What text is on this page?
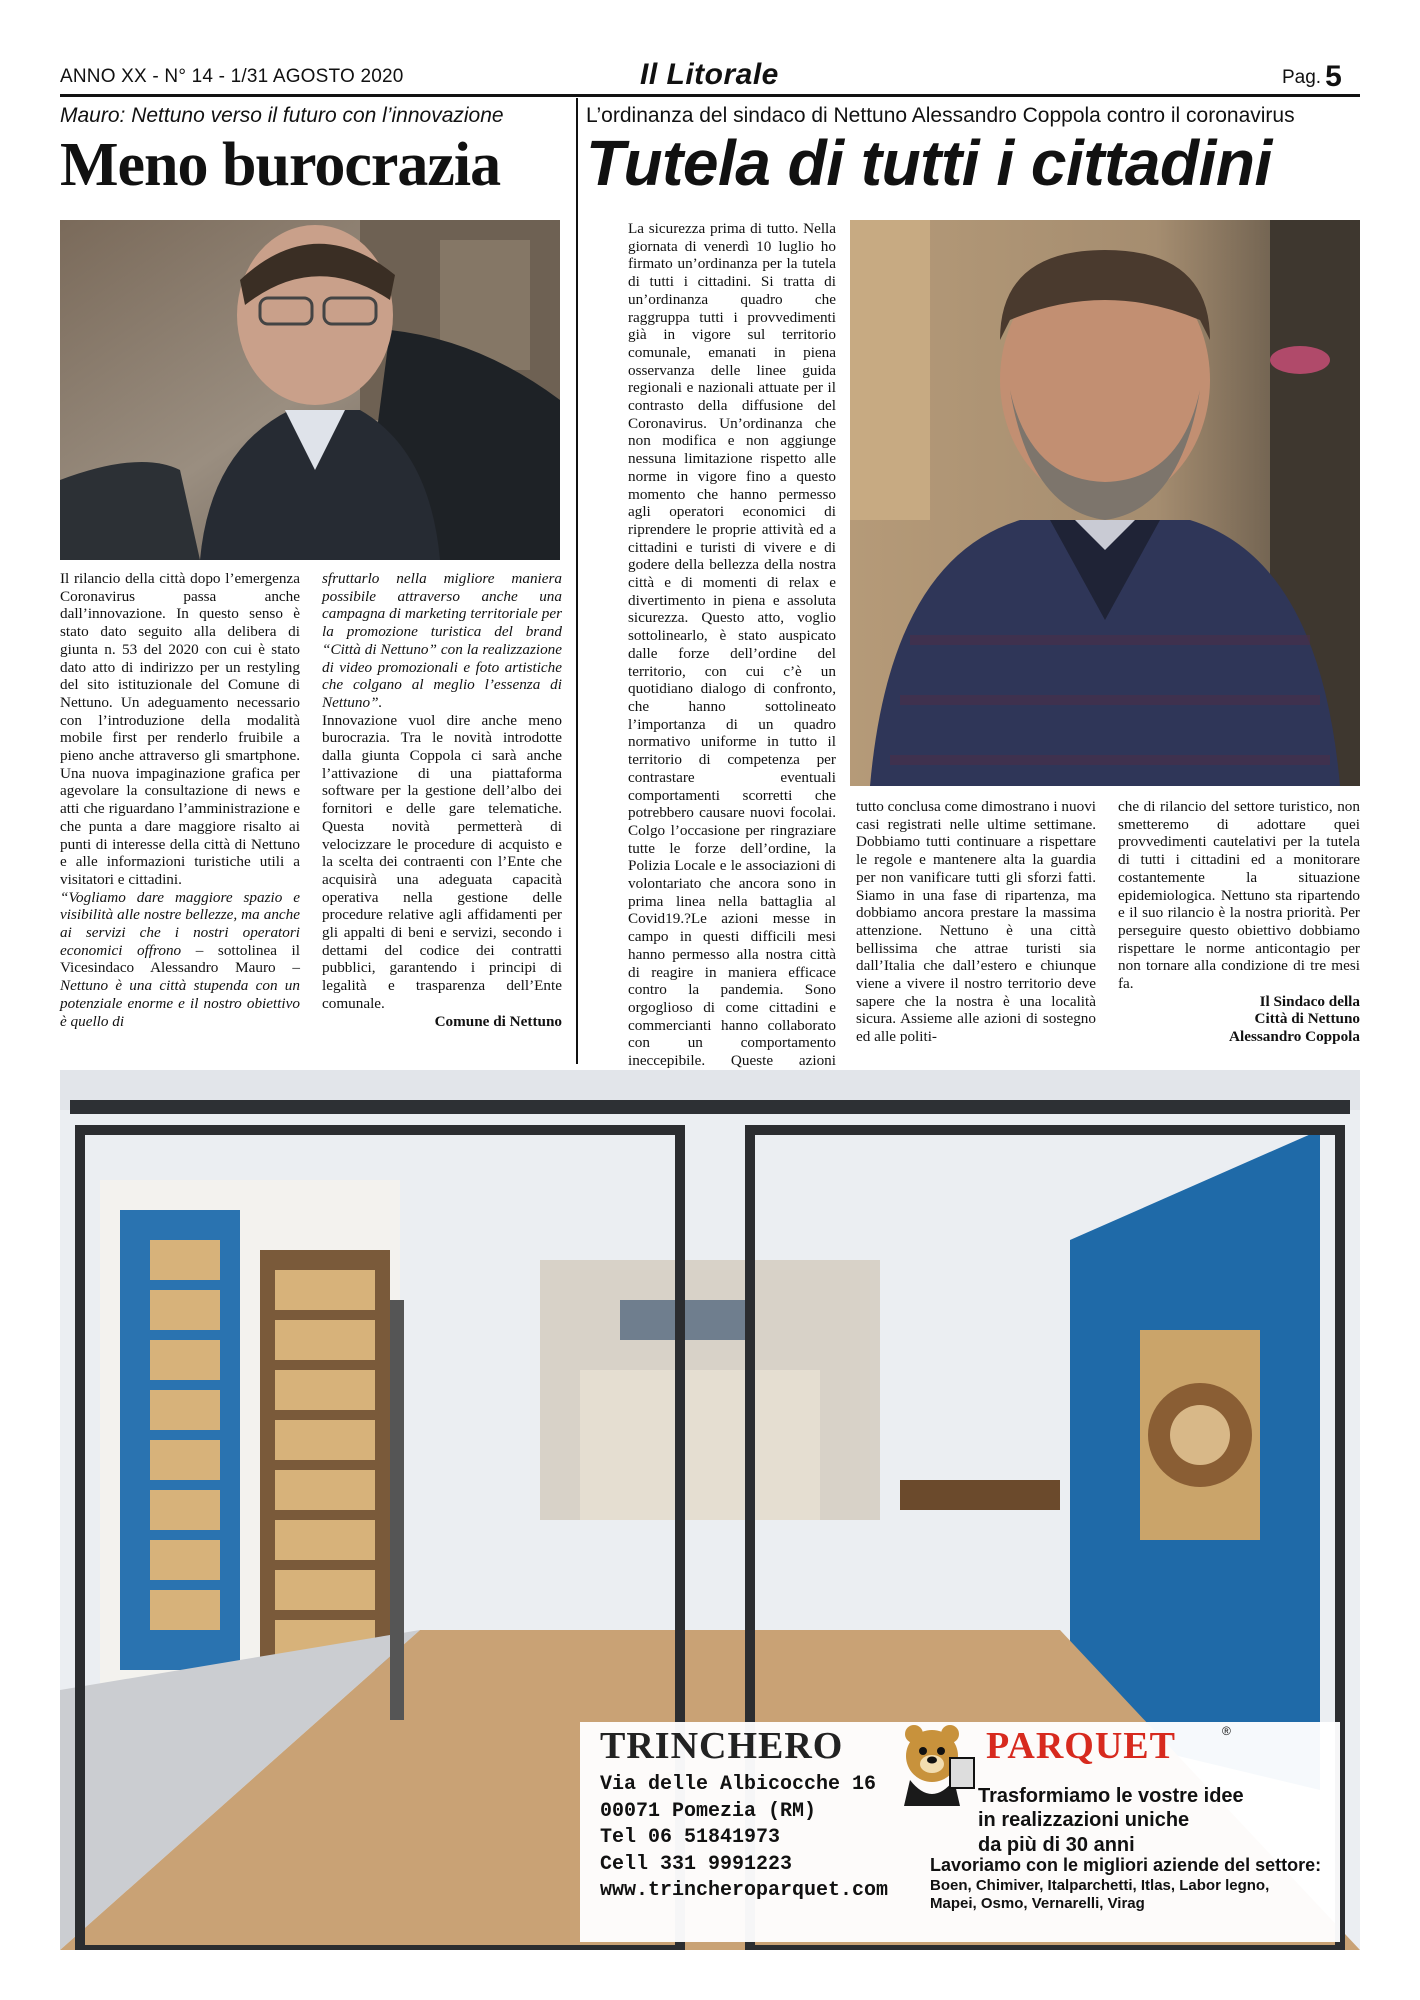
ANNO XX - N° 14 - 1/31 AGOSTO 2020	Il Litorale	Pag. 5
Mauro: Nettuno verso il futuro con l’innovazione
Meno burocrazia

Il rilancio della città dopo l’emergenza Coronavirus passa anche dall’innovazione. In questo senso è stato dato seguito alla delibera di giunta n. 53 del 2020 con cui è stato dato atto di indirizzo per un restyling del sito istituzionale del Comune di Nettuno. Un adeguamento necessario con l’introduzione della modalità mobile first per renderlo fruibile a pieno anche attraverso gli smartphone. Una nuova impaginazione grafica per agevolare la consultazione di news e atti che riguardano l’amministrazione e che punta a dare maggiore risalto ai punti di interesse della città di Nettuno e alle informazioni turistiche utili a visitatori e cittadini.

“Vogliamo dare maggiore spazio e visibilità alle nostre bellezze, ma anche ai servizi che i nostri operatori economici offrono – sottolinea il Vicesindaco Alessandro Mauro – Nettuno è una città stupenda con un potenziale enorme e il nostro obiettivo è quello di

sfruttarlo nella migliore maniera possibile attraverso anche una campagna di marketing territoriale per la promozione turistica del brand “Città di Nettuno” con la realizzazione di video promozionali e foto artistiche che colgano al meglio l’essenza di Nettuno”.

Innovazione vuol dire anche meno burocrazia. Tra le novità introdotte dalla giunta Coppola ci sarà anche l’attivazione di una piattaforma software per la gestione dell’albo dei fornitori e delle gare telematiche. Questa novità permetterà di velocizzare le procedure di acquisto e la scelta dei contraenti con l’Ente che acquisirà una adeguata capacità operativa nella gestione delle procedure relative agli affidamenti per gli appalti di beni e servizi, secondo i dettami del codice dei contratti pubblici, garantendo i principi di legalità e trasparenza dell’Ente comunale.

Comune di Nettuno

L’ordinanza del sindaco di Nettuno Alessandro Coppola contro il coronavirus
Tutela di tutti i cittadini

La sicurezza prima di tutto. Nella giornata di venerdì 10 luglio ho firmato un’ordinanza per la tutela di tutti i cittadini. Si tratta di un’ordinanza quadro che raggruppa tutti i provvedimenti già in vigore sul territorio comunale, emanati in piena osservanza delle linee guida regionali e nazionali attuate per il contrasto della diffusione del Coronavirus. Un’ordinanza che non modifica e non aggiunge nessuna limitazione rispetto alle norme in vigore fino a questo momento che hanno permesso agli operatori economici di riprendere le proprie attività ed a cittadini e turisti di vivere e di godere della bellezza della nostra città e di momenti di relax e divertimento in piena e assoluta sicurezza. Questo atto, voglio sottolinearlo, è stato auspicato dalle forze dell’ordine del territorio, con cui c’è un quotidiano dialogo di confronto, che hanno sottolineato l’importanza di un quadro normativo uniforme in tutto il territorio di competenza per contrastare eventuali comportamenti scorretti che potrebbero causare nuovi focolai. Colgo l’occasione per ringraziare tutte le forze dell’ordine, la Polizia Locale e le associazioni di volontariato che ancora sono in prima linea nella battaglia al Covid19.?Le azioni messe in campo in questi difficili mesi hanno permesso alla nostra città di reagire in maniera efficace contro la pandemia. Sono orgoglioso di come cittadini e commercianti hanno collaborato con un comportamento ineccepibile. Queste azioni

tutto conclusa come dimostrano i nuovi casi registrati nelle ultime settimane. Dobbiamo tutti continuare a rispettare le regole e mantenere alta la guardia per non vanificare tutti gli sforzi fatti. Siamo in una fase di ripartenza, ma dobbiamo ancora prestare la massima attenzione. Nettuno è una città bellissima che attrae turisti sia dall’Italia che dall’estero e chiunque viene a vivere il nostro territorio deve sapere che la nostra è una località sicura. Assieme alle azioni di sostegno ed alle politi-

che di rilancio del settore turistico, non smetteremo di adottare quei provvedimenti cautelativi per la tutela di tutti i cittadini ed a monitorare costantemente la situazione epidemiologica. Nettuno sta ripartendo e il suo rilancio è la nostra priorità. Per perseguire questo obiettivo dobbiamo rispettare le norme anticontagio per non tornare alla condizione di tre mesi fa.

Il Sindaco della

Città di Nettuno

Alessandro Coppola

TRINCHERO	PARQUET	®
Via delle Albicocche 16
00071 Pomezia (RM)
Tel 06 51841973
Cell 331 9991223
www.trincheroparquet.com
Trasformiamo le vostre idee
in realizzazioni uniche
da più di 30 anni
Lavoriamo con le migliori aziende del settore:
Boen, Chimiver, Italparchetti, Itlas, Labor legno,
Mapei, Osmo, Vernarelli, Virag
